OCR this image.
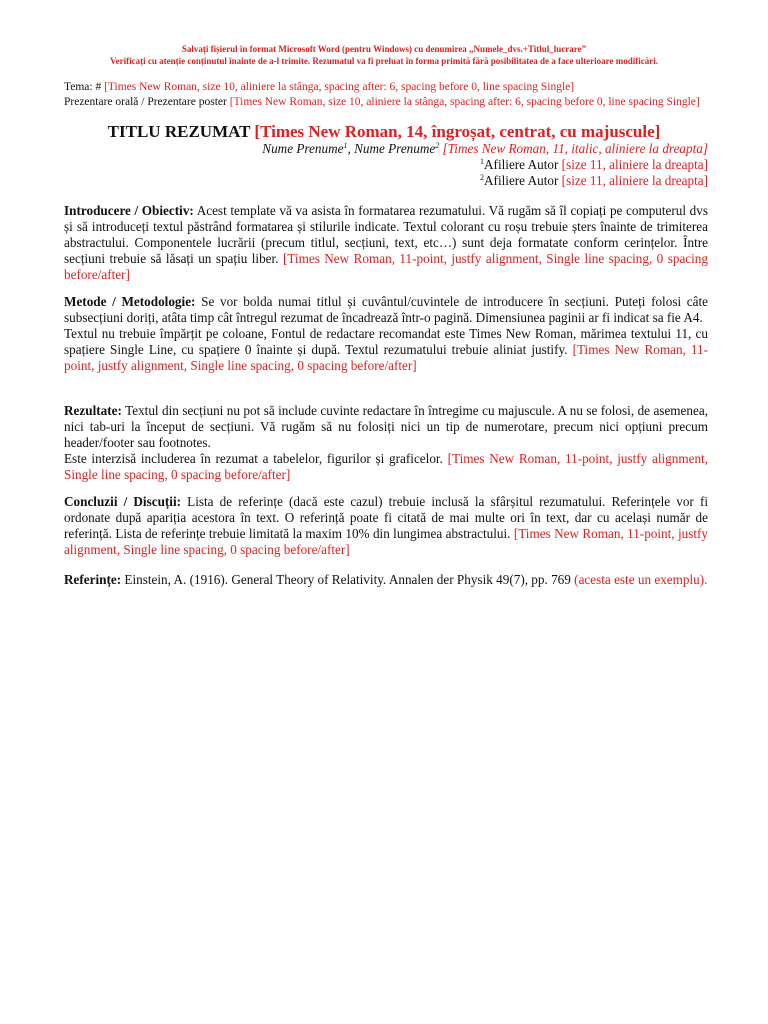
Salvați fișierul în format Microsoft Word (pentru Windows) cu denumirea „Numele_dvs.+Titlul_lucrare”
Verificați cu atenție conținutul înainte de a-l trimite. Rezumatul va fi preluat în forma primită fără posibilitatea de a face ulterioare modificări.
Tema: # [Times New Roman, size 10, aliniere la stânga, spacing after: 6, spacing before 0, line spacing Single]
Prezentare orală / Prezentare poster [Times New Roman, size 10, aliniere la stânga, spacing after: 6, spacing before 0, line spacing Single]
TITLU REZUMAT [Times New Roman, 14, îngroșat, centrat, cu majuscule]
Nume Prenume$^1$, Nume Prenume$^2$ [Times New Roman, 11, italic, aliniere la dreapta]
$^1$Afiliere Autor [size 11, aliniere la dreapta]
$^2$Afiliere Autor [size 11, aliniere la dreapta]

Introducere / Obiectiv: Acest template vă va asista în formatarea rezumatului. Vă rugăm să îl copiați pe computerul dvs și să introduceți textul păstrând formatarea și stilurile indicate. Textul colorant cu roșu trebuie șters înainte de trimiterea abstractului. Componentele lucrării (precum titlul, secțiuni, text, etc…) sunt deja formatate conform cerințelor. Între secțiuni trebuie să lăsați un spațiu liber. [Times New Roman, 11-point, justfy alignment, Single line spacing, 0 spacing before/after]

Metode / Metodologie: Se vor bolda numai titlul și cuvântul/cuvintele de introducere în secțiuni. Puteți folosi câte subsecțiuni doriți, atâta timp cât întregul rezumat de încadrează într-o pagină. Dimensiunea paginii ar fi indicat sa fie A4.

Textul nu trebuie împărțit pe coloane, Fontul de redactare recomandat este Times New Roman, mărimea textului 11, cu spațiere Single Line, cu spațiere 0 înainte și după. Textul rezumatului trebuie aliniat justify. [Times New Roman, 11-point, justfy alignment, Single line spacing, 0 spacing before/after]

Rezultate: Textul din secțiuni nu pot să include cuvinte redactare în întregime cu majuscule. A nu se folosi, de asemenea, nici tab-uri la început de secțiuni. Vă rugăm să nu folosiți nici un tip de numerotare, precum nici opțiuni precum header/footer sau footnotes.

Este interzisă includerea în rezumat a tabelelor, figurilor și graficelor. [Times New Roman, 11-point, justfy alignment, Single line spacing, 0 spacing before/after]

Concluzii / Discuții: Lista de referințe (dacă este cazul) trebuie inclusă la sfârșitul rezumatului. Referințele vor fi ordonate după apariția acestora în text. O referință poate fi citată de mai multe ori în text, dar cu același număr de referință. Lista de referințe trebuie limitată la maxim 10% din lungimea abstractului. [Times New Roman, 11-point, justfy alignment, Single line spacing, 0 spacing before/after]

Referințe: Einstein, A. (1916). General Theory of Relativity. Annalen der Physik 49(7), pp. 769 (acesta este un exemplu).
